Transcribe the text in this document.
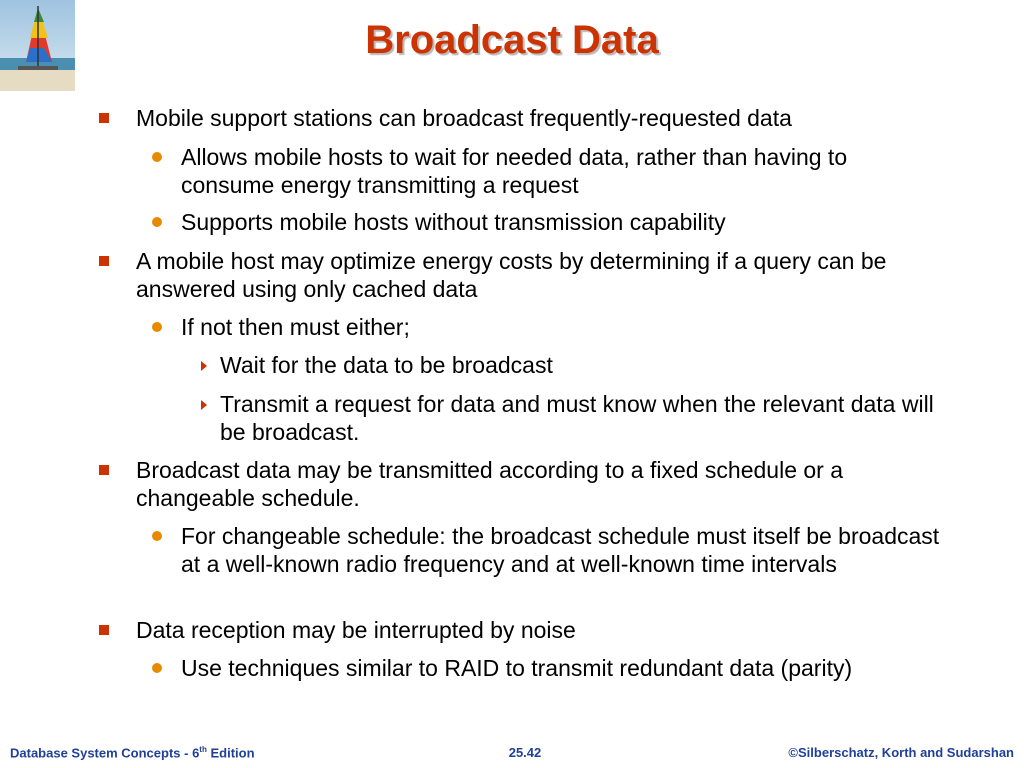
Broadcast Data
Mobile support stations can broadcast frequently-requested data
Allows mobile hosts to wait for needed data, rather than having to consume energy transmitting a request
Supports mobile hosts without transmission capability
A mobile host may optimize energy costs by determining if a query can be answered using only cached data
If not then must either;
Wait for the data to be broadcast
Transmit a request for data and must know when the relevant data will be broadcast.
Broadcast data may be transmitted according to a fixed schedule or a changeable schedule.
For changeable schedule: the broadcast schedule must itself be broadcast at a well-known radio frequency and at well-known time intervals
Data reception may be interrupted by noise
Use techniques similar to RAID to transmit redundant data (parity)
Database System Concepts - 6th Edition	25.42	©Silberschatz, Korth and Sudarshan
